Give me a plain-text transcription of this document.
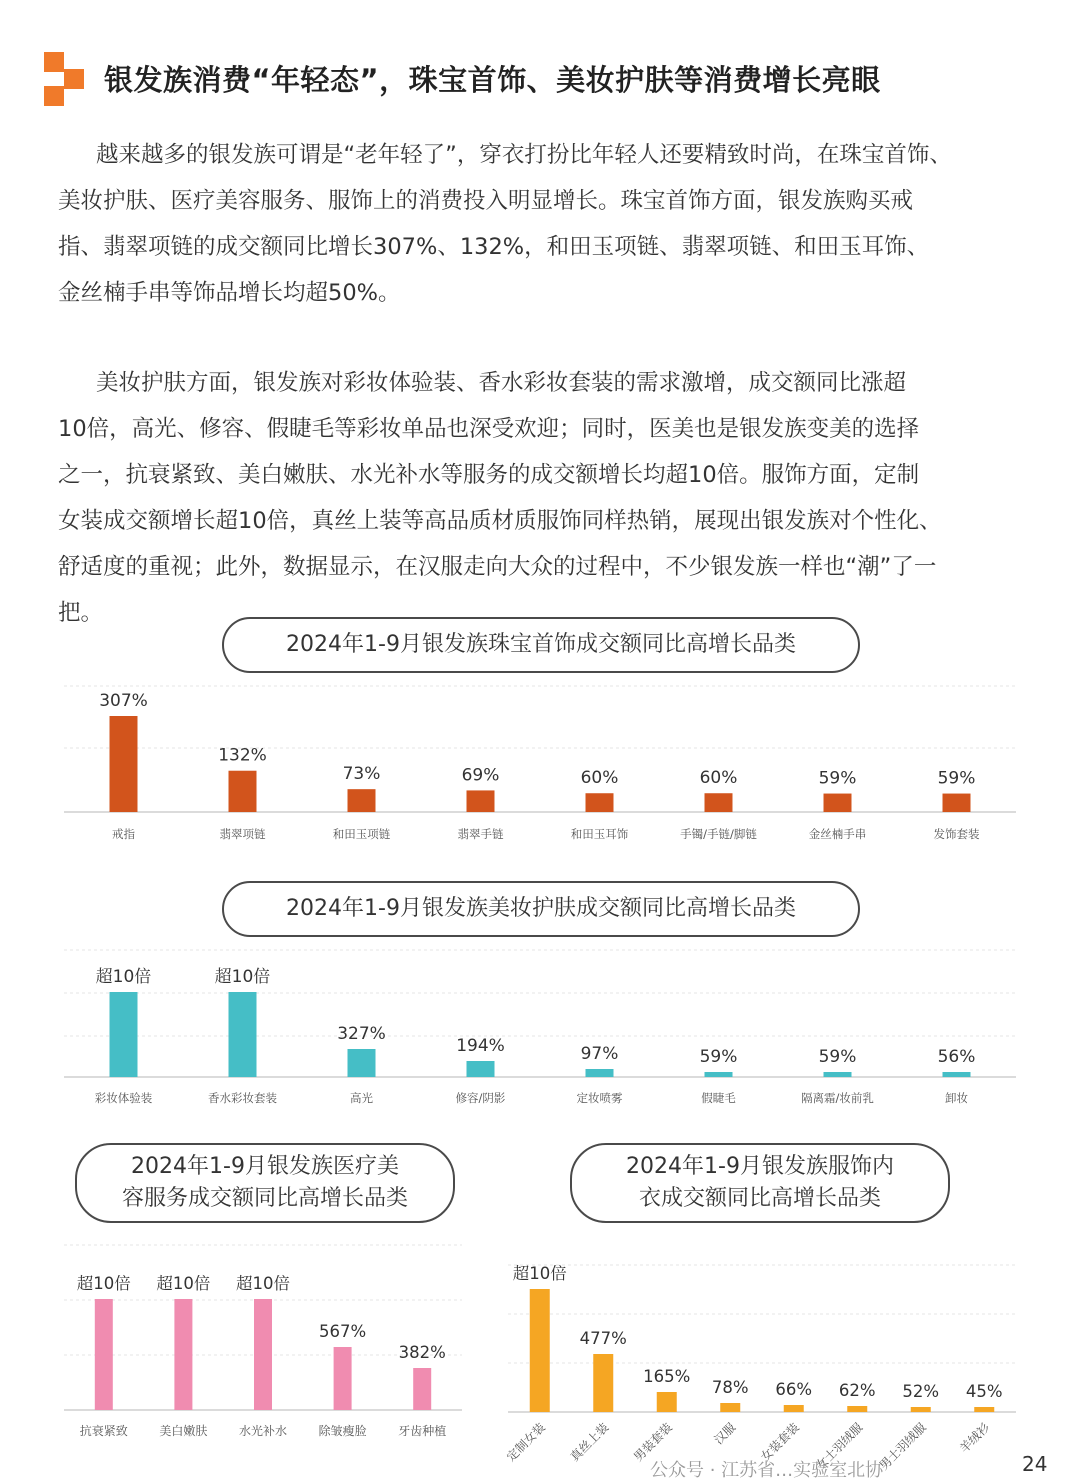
银发族消费“年轻态”，珠宝首饰、美妆护肤等消费增长亮眼
越来越多的银发族可谓是“老年轻了”，穿衣打扮比年轻人还要精致时尚，在珠宝首饰、
美妆护肤、医疗美容服务、服饰上的消费投入明显增长。珠宝首饰方面，银发族购买戒
指、翡翠项链的成交额同比增长307%、132%，和田玉项链、翡翠项链、和田玉耳饰、
金丝楠手串等饰品增长均超50%。
美妆护肤方面，银发族对彩妆体验装、香水彩妆套装的需求激增，成交额同比涨超
10倍，高光、修容、假睫毛等彩妆单品也深受欢迎；同时，医美也是银发族变美的选择
之一，抗衰紧致、美白嫩肤、水光补水等服务的成交额增长均超10倍。服饰方面，定制
女装成交额增长超10倍，真丝上装等高品质材质服饰同样热销，展现出银发族对个性化、
舒适度的重视；此外，数据显示，在汉服走向大众的过程中，不少银发族一样也“潮”了一
把。
2024年1-9月银发族珠宝首饰成交额同比高增长品类
2024年1-9月银发族美妆护肤成交额同比高增长品类
2024年1-9月银发族医疗美
容服务成交额同比高增长品类
2024年1-9月银发族服饰内
衣成交额同比高增长品类
307%
戒指
132%
翡翠项链
73%
和田玉项链
69%
翡翠手链
60%
和田玉耳饰
60%
手镯/手链/脚链
59%
金丝楠手串
59%
发饰套装
超10倍
彩妆体验装
超10倍
香水彩妆套装
327%
高光
194%
修容/阴影
97%
定妆喷雾
59%
假睫毛
59%
隔离霜/妆前乳
56%
卸妆
超10倍
抗衰紧致
超10倍
美白嫩肤
超10倍
水光补水
567%
除皱瘦脸
382%
牙齿种植
超10倍
定制女装
477%
真丝上装
165%
男装套装
78%
汉服
66%
女装套装
62%
女士羽绒服
52%
男士羽绒服
45%
羊绒衫
公众号 · 江苏省…实验室北协	24
